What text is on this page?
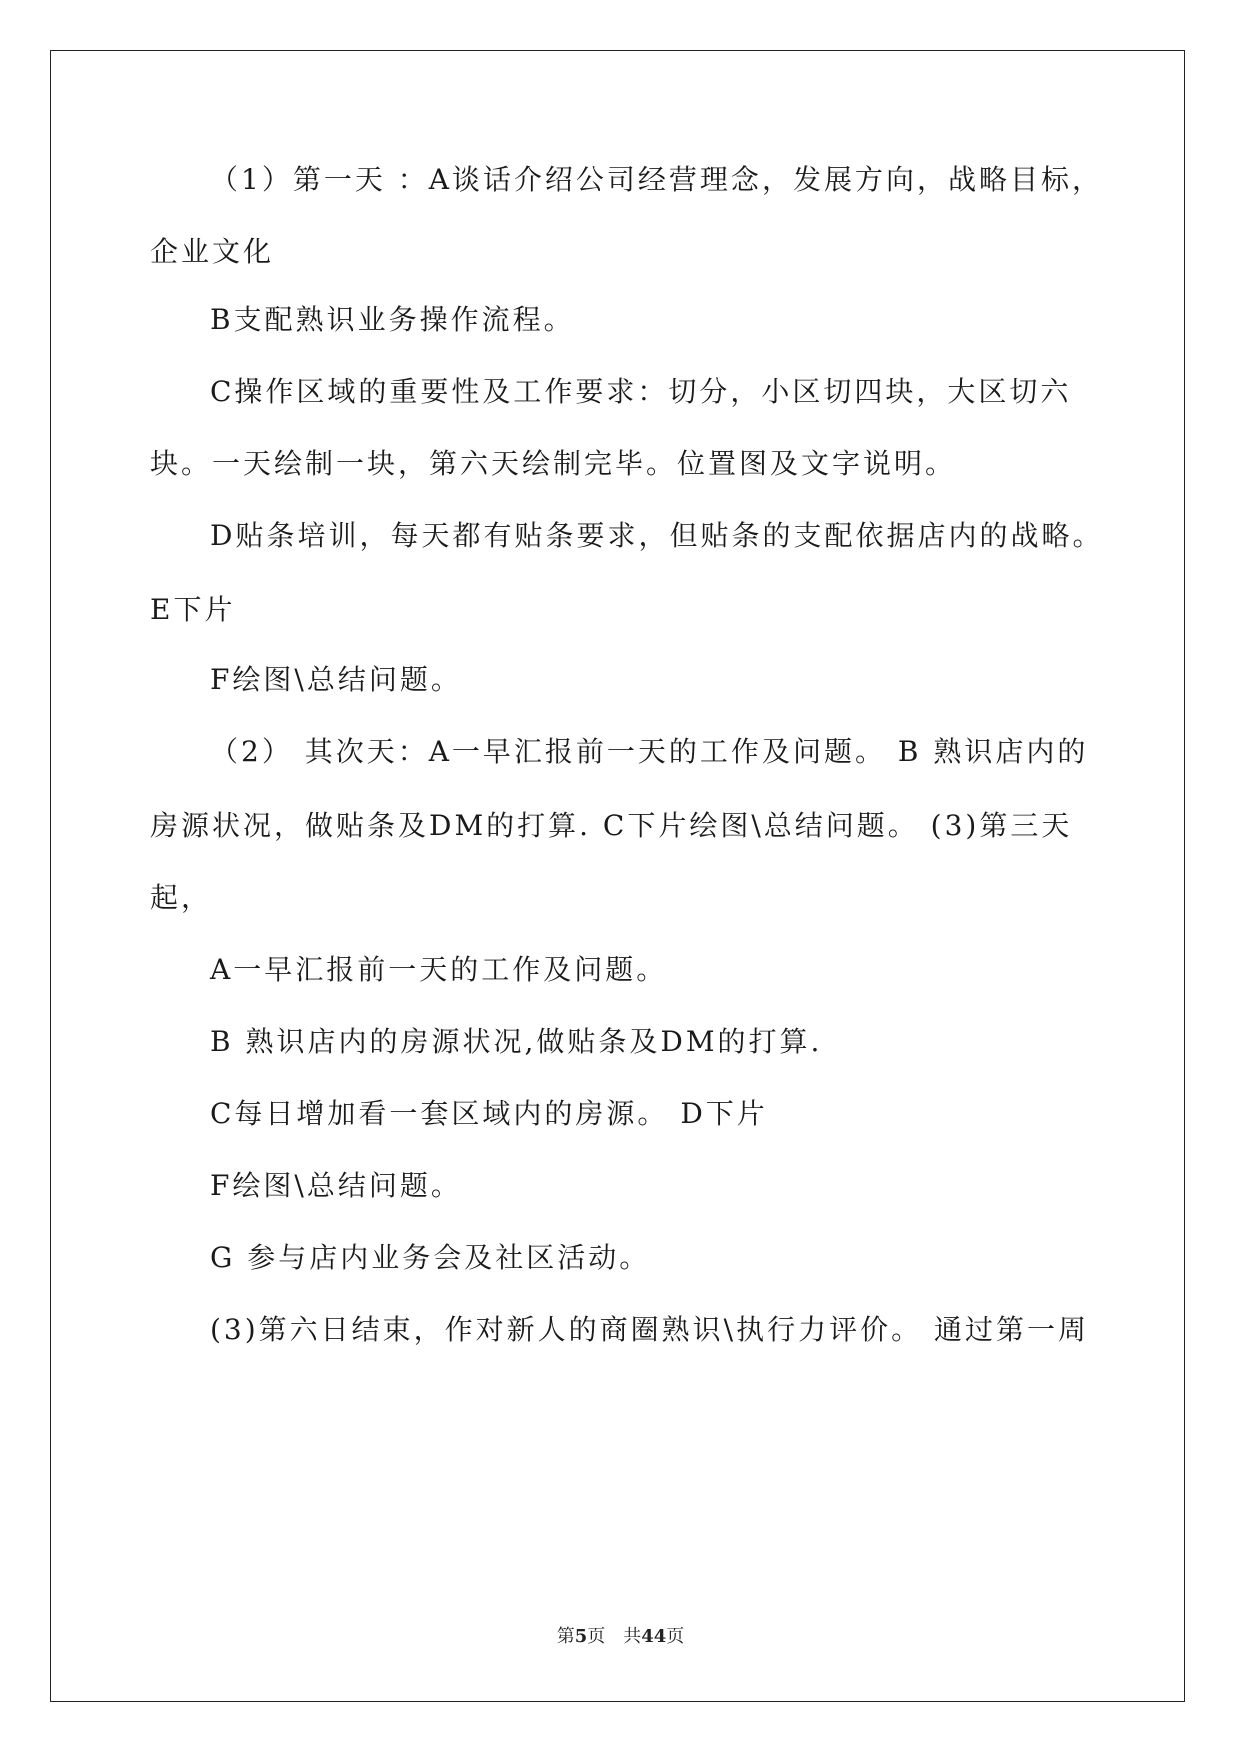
（1）第一天 ：A谈话介绍公司经营理念，发展方向，战略目标，
企业文化
B支配熟识业务操作流程。
C操作区域的重要性及工作要求：切分，小区切四块，大区切六
块。一天绘制一块，第六天绘制完毕。位置图及文字说明。
D贴条培训，每天都有贴条要求，但贴条的支配依据店内的战略。
E下片
F绘图\总结问题。
（2） 其次天：A一早汇报前一天的工作及问题。 B 熟识店内的
房源状况，做贴条及DM的打算. C下片绘图\总结问题。 (3)第三天
起，
A一早汇报前一天的工作及问题。
B 熟识店内的房源状况,做贴条及DM的打算.
C每日增加看一套区域内的房源。 D下片
F绘图\总结问题。
G 参与店内业务会及社区活动。
(3)第六日结束，作对新人的商圈熟识\执行力评价。 通过第一周
第5页　共44页
